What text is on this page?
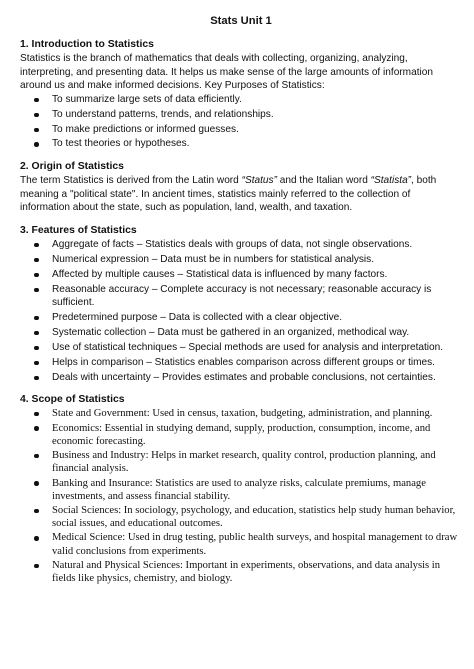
Stats Unit 1
1. Introduction to Statistics
Statistics is the branch of mathematics that deals with collecting, organizing, analyzing, interpreting, and presenting data. It helps us make sense of the large amounts of information around us and make informed decisions. Key Purposes of Statistics:
To summarize large sets of data efficiently.
To understand patterns, trends, and relationships.
To make predictions or informed guesses.
To test theories or hypotheses.
2. Origin of Statistics
The term Statistics is derived from the Latin word “Status” and the Italian word “Statista”, both meaning a "political state". In ancient times, statistics mainly referred to the collection of information about the state, such as population, land, wealth, and taxation.
3. Features of Statistics
Aggregate of facts – Statistics deals with groups of data, not single observations.
Numerical expression – Data must be in numbers for statistical analysis.
Affected by multiple causes – Statistical data is influenced by many factors.
Reasonable accuracy – Complete accuracy is not necessary; reasonable accuracy is sufficient.
Predetermined purpose – Data is collected with a clear objective.
Systematic collection – Data must be gathered in an organized, methodical way.
Use of statistical techniques – Special methods are used for analysis and interpretation.
Helps in comparison – Statistics enables comparison across different groups or times.
Deals with uncertainty – Provides estimates and probable conclusions, not certainties.
4. Scope of Statistics
State and Government: Used in census, taxation, budgeting, administration, and planning.
Economics: Essential in studying demand, supply, production, consumption, income, and economic forecasting.
Business and Industry: Helps in market research, quality control, production planning, and financial analysis.
Banking and Insurance: Statistics are used to analyze risks, calculate premiums, manage investments, and assess financial stability.
Social Sciences: In sociology, psychology, and education, statistics help study human behavior, social issues, and educational outcomes.
Medical Science: Used in drug testing, public health surveys, and hospital management to draw valid conclusions from experiments.
Natural and Physical Sciences: Important in experiments, observations, and data analysis in fields like physics, chemistry, and biology.
